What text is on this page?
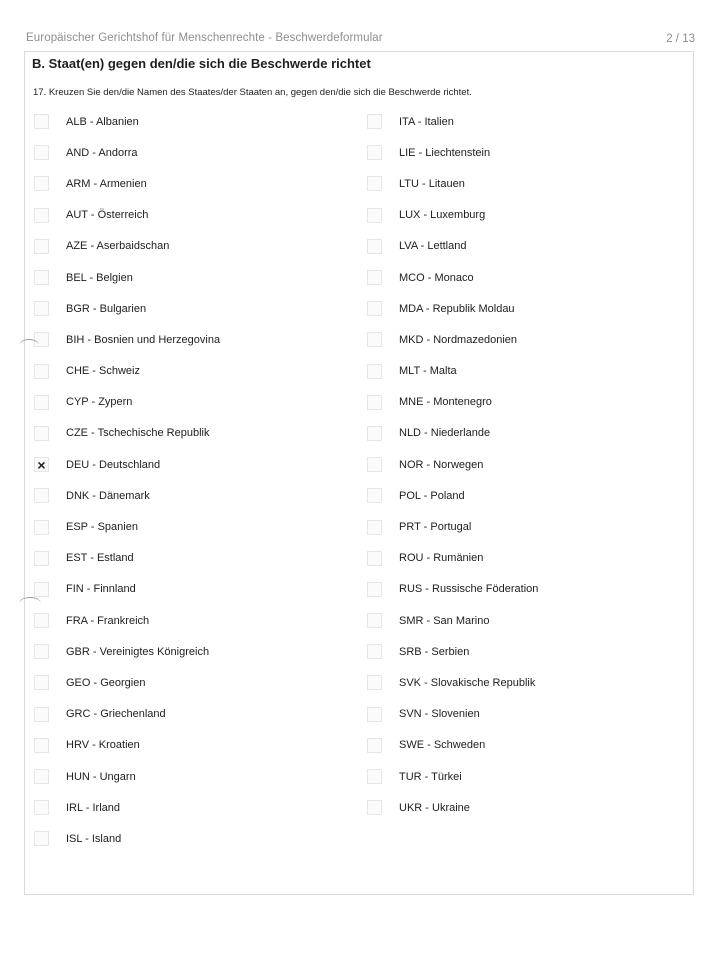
Europäischer Gerichtshof für Menschenrechte - Beschwerdeformular	2 / 13
B. Staat(en) gegen den/die sich die Beschwerde richtet
17. Kreuzen Sie den/die Namen des Staates/der Staaten an, gegen den/die sich die Beschwerde richtet.
ALB - Albanien
AND - Andorra
ARM - Armenien
AUT - Österreich
AZE - Aserbaidschan
BEL - Belgien
BGR - Bulgarien
BIH - Bosnien und Herzegovina
CHE - Schweiz
CYP - Zypern
CZE - Tschechische Republik
×
DEU - Deutschland
DNK - Dänemark
ESP - Spanien
EST - Estland
FIN - Finnland
FRA - Frankreich
GBR - Vereinigtes Königreich
GEO - Georgien
GRC - Griechenland
HRV - Kroatien
HUN - Ungarn
IRL - Irland
ISL - Island
ITA - Italien
LIE - Liechtenstein
LTU - Litauen
LUX - Luxemburg
LVA - Lettland
MCO - Monaco
MDA - Republik Moldau
MKD - Nordmazedonien
MLT - Malta
MNE - Montenegro
NLD - Niederlande
NOR - Norwegen
POL - Poland
PRT - Portugal
ROU - Rumänien
RUS - Russische Föderation
SMR - San Marino
SRB - Serbien
SVK - Slovakische Republik
SVN - Slovenien
SWE - Schweden
TUR - Türkei
UKR - Ukraine
